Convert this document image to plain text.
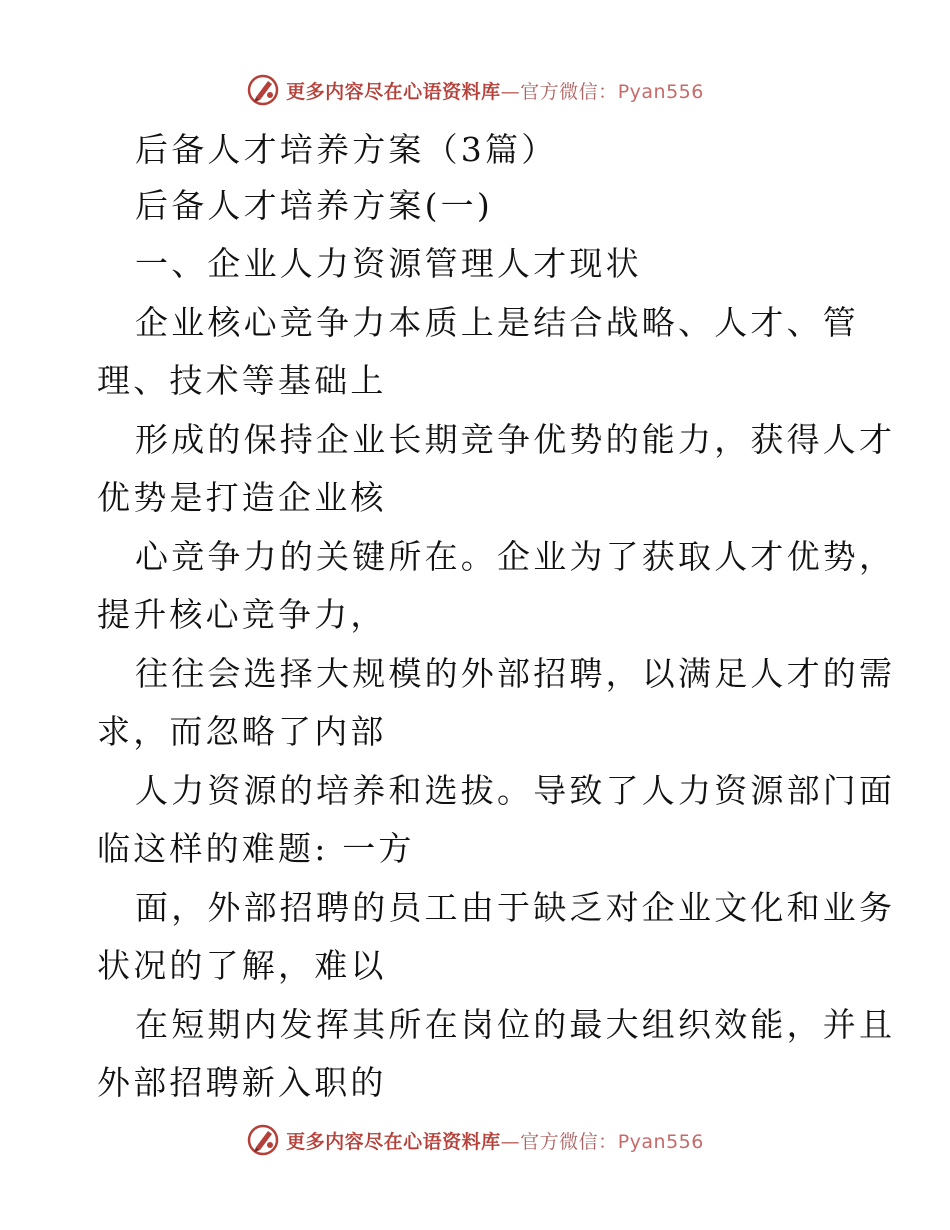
更多内容尽在心语资料库—官方微信：Pyan556
后备人才培养方案（3篇）
后备人才培养方案(一)
一、企业人力资源管理人才现状
企业核心竞争力本质上是结合战略、人才、管
理、技术等基础上
形成的保持企业长期竞争优势的能力，获得人才
优势是打造企业核
心竞争力的关键所在。企业为了获取人才优势，
提升核心竞争力，
往往会选择大规模的外部招聘，以满足人才的需
求，而忽略了内部
人力资源的培养和选拔。导致了人力资源部门面
临这样的难题: 一方
面，外部招聘的员工由于缺乏对企业文化和业务
状况的了解，难以
在短期内发挥其所在岗位的最大组织效能，并且
外部招聘新入职的
更多内容尽在心语资料库—官方微信：Pyan556
